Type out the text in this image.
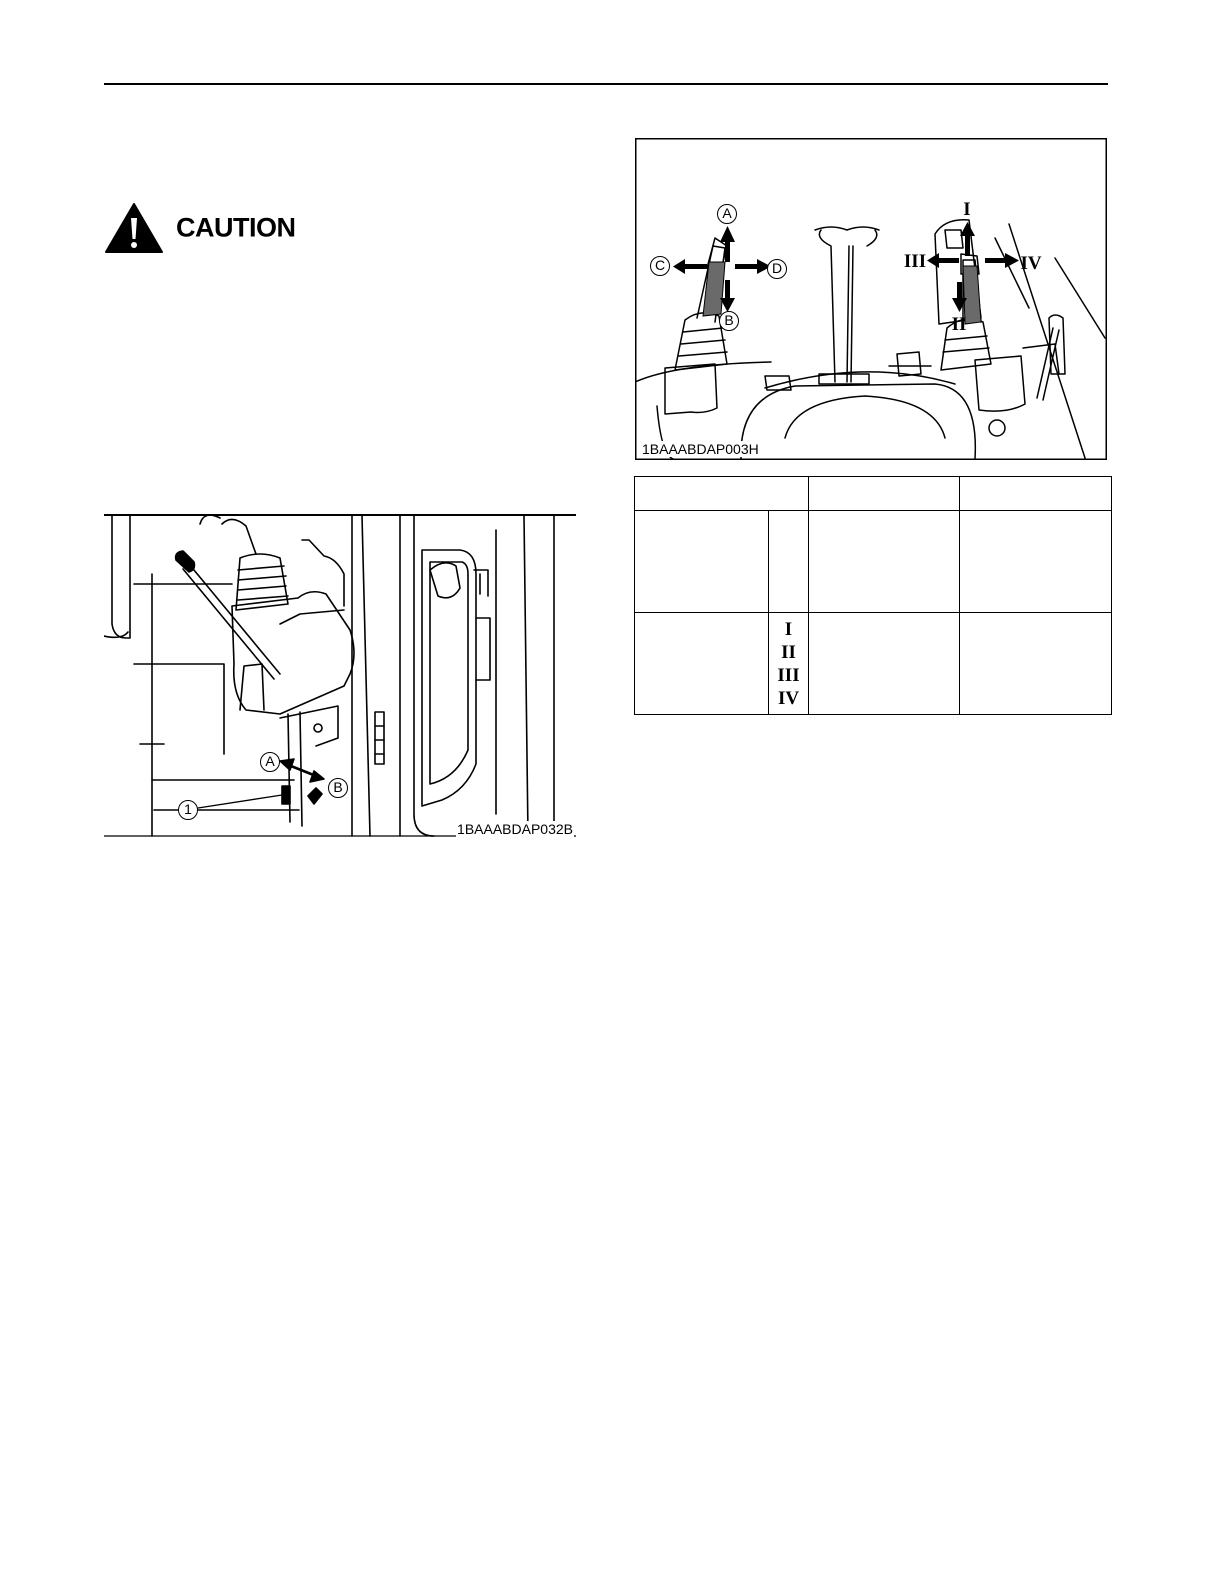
CAUTION
A
B
1
1BAAABDAP032B
A
B
C	D
I
II
III	IV
1BAAABDAP003H

	I
II
III
IV		
